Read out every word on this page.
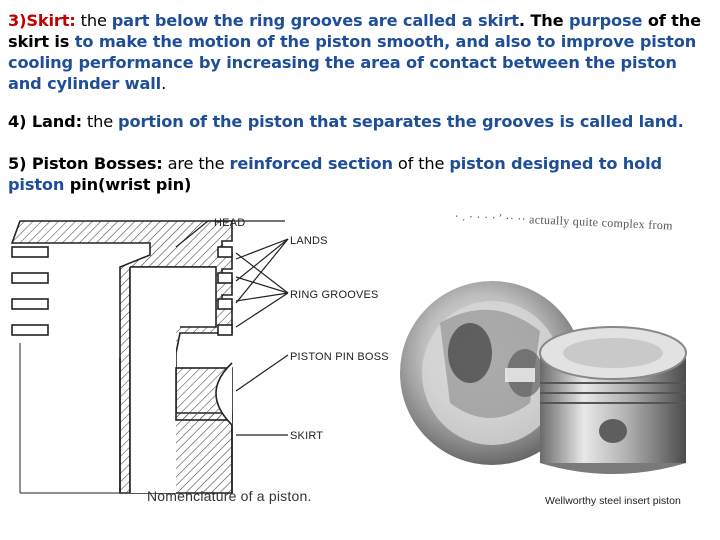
3)Skirt: the part below the ring grooves are called a skirt. The purpose of the skirt is to make the motion of the piston smooth, and also to improve piston cooling performance by increasing the area of contact between the piston and cylinder wall.
4) Land: the portion of the piston that separates the grooves is called land.
5) Piston Bosses: are the reinforced section of the piston designed to hold piston pin(wrist pin)
· . · · · · ′ ·· ·· actually quite complex from
HEAD
LANDS
RING GROOVES
PISTON PIN BOSS
SKIRT
Nomenclature of a piston.	Wellworthy steel insert piston
